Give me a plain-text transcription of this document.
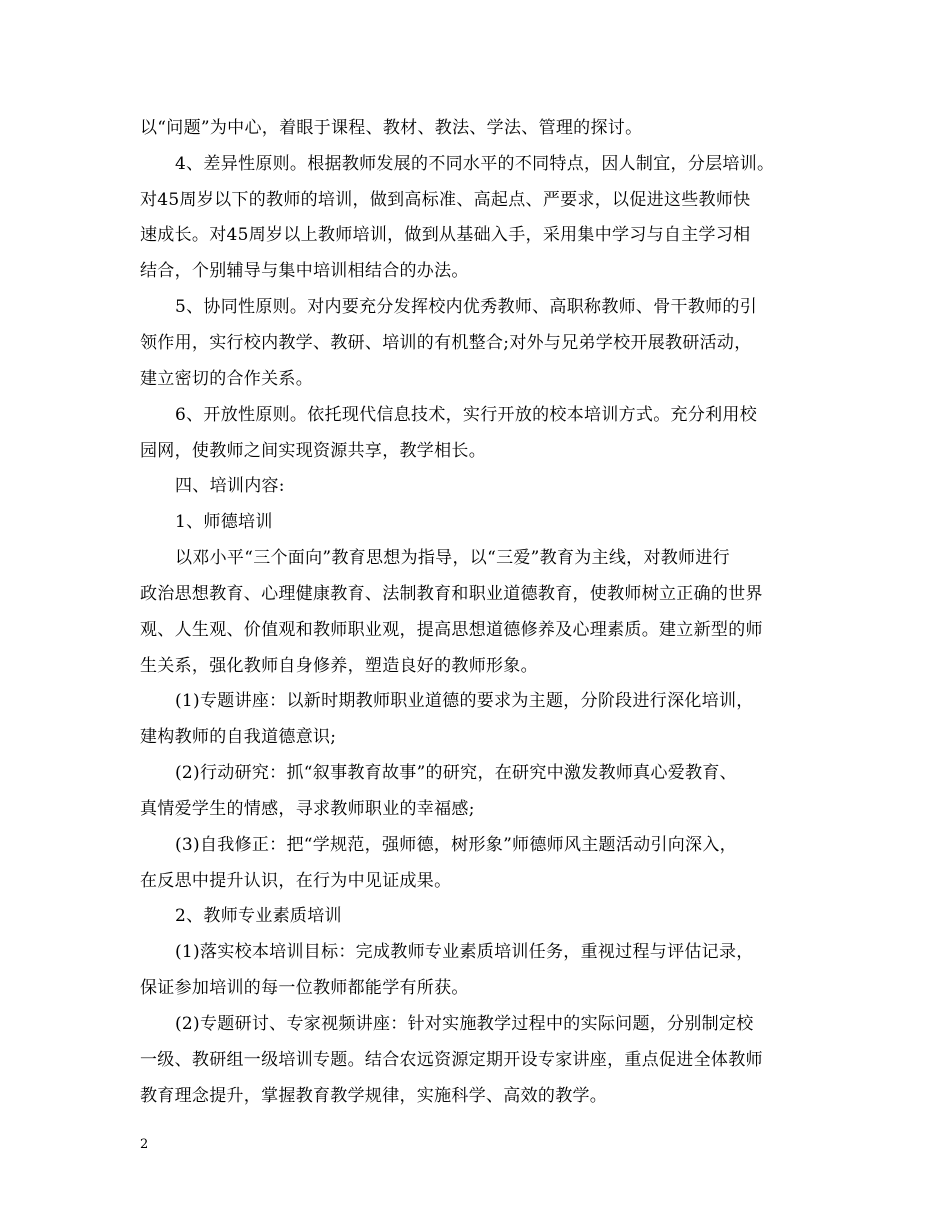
以“问题”为中心，着眼于课程、教材、教法、学法、管理的探讨。
4、差异性原则。根据教师发展的不同水平的不同特点，因人制宜，分层培训。
对45周岁以下的教师的培训，做到高标准、高起点、严要求，以促进这些教师快
速成长。对45周岁以上教师培训，做到从基础入手，采用集中学习与自主学习相
结合，个别辅导与集中培训相结合的办法。
5、协同性原则。对内要充分发挥校内优秀教师、高职称教师、骨干教师的引
领作用，实行校内教学、教研、培训的有机整合;对外与兄弟学校开展教研活动，
建立密切的合作关系。
6、开放性原则。依托现代信息技术，实行开放的校本培训方式。充分利用校
园网，使教师之间实现资源共享，教学相长。
四、培训内容:
1、师德培训
以邓小平“三个面向”教育思想为指导，以“三爱”教育为主线，对教师进行
政治思想教育、心理健康教育、法制教育和职业道德教育，使教师树立正确的世界
观、人生观、价值观和教师职业观，提高思想道德修养及心理素质。建立新型的师
生关系，强化教师自身修养，塑造良好的教师形象。
(1)专题讲座：以新时期教师职业道德的要求为主题，分阶段进行深化培训，
建构教师的自我道德意识;
(2)行动研究：抓“叙事教育故事”的研究，在研究中激发教师真心爱教育、
真情爱学生的情感，寻求教师职业的幸福感;
(3)自我修正：把“学规范，强师德，树形象”师德师风主题活动引向深入，
在反思中提升认识，在行为中见证成果。
2、教师专业素质培训
(1)落实校本培训目标：完成教师专业素质培训任务，重视过程与评估记录，
保证参加培训的每一位教师都能学有所获。
(2)专题研讨、专家视频讲座：针对实施教学过程中的实际问题，分别制定校
一级、教研组一级培训专题。结合农远资源定期开设专家讲座，重点促进全体教师
教育理念提升，掌握教育教学规律，实施科学、高效的教学。
2
